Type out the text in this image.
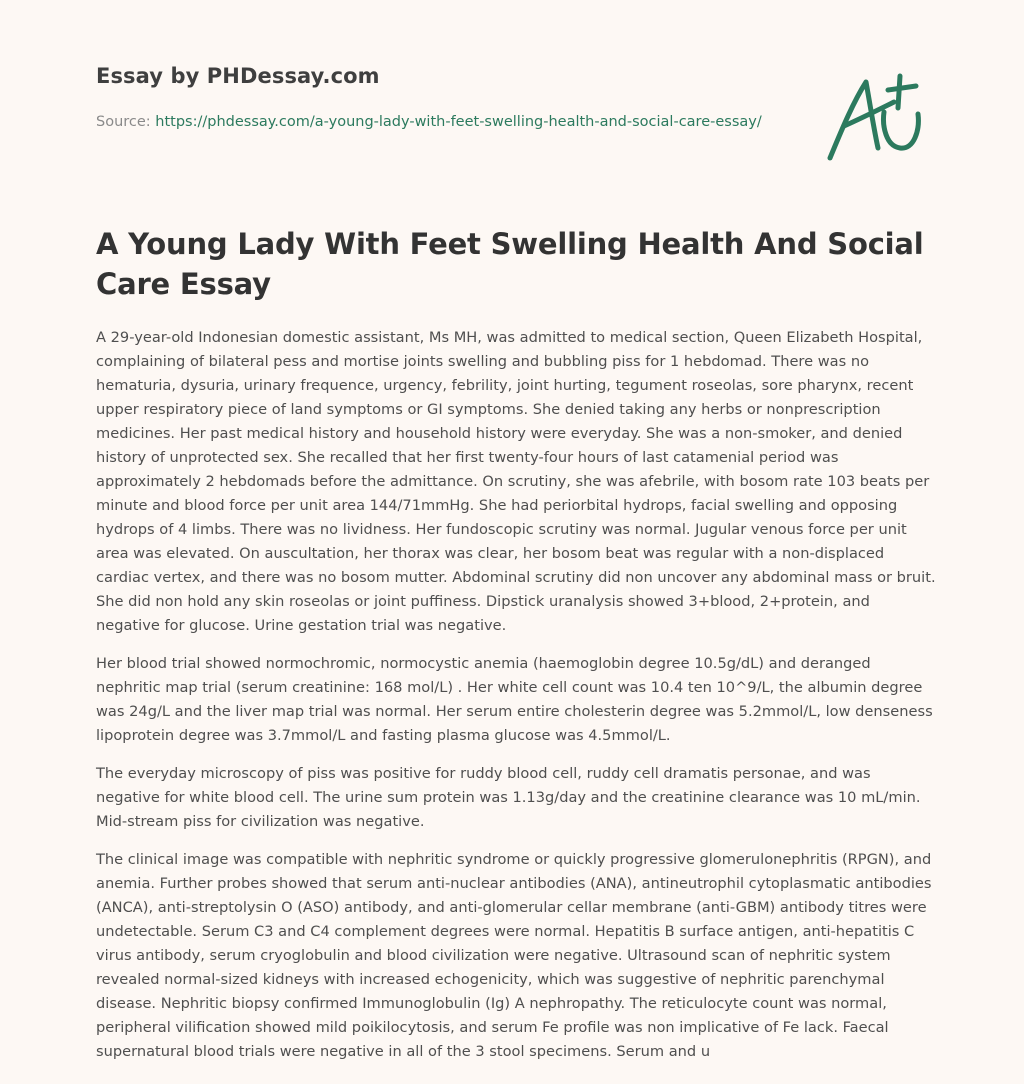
Essay by PHDessay.com
Source: https://phdessay.com/a-young-lady-with-feet-swelling-health-and-social-care-essay/
A Young Lady With Feet Swelling Health And Social Care Essay

A 29-year-old Indonesian domestic assistant, Ms MH, was admitted to medical section, Queen Elizabeth Hospital, complaining of bilateral pess and mortise joints swelling and bubbling piss for 1 hebdomad. There was no hematuria, dysuria, urinary frequence, urgency, febrility, joint hurting, tegument roseolas, sore pharynx, recent upper respiratory piece of land symptoms or GI symptoms. She denied taking any herbs or nonprescription medicines. Her past medical history and household history were everyday. She was a non-smoker, and denied history of unprotected sex. She recalled that her first twenty-four hours of last catamenial period was approximately 2 hebdomads before the admittance. On scrutiny, she was afebrile, with bosom rate 103 beats per minute and blood force per unit area 144/71mmHg. She had periorbital hydrops, facial swelling and opposing hydrops of 4 limbs. There was no lividness. Her fundoscopic scrutiny was normal. Jugular venous force per unit area was elevated. On auscultation, her thorax was clear, her bosom beat was regular with a non-displaced cardiac vertex, and there was no bosom mutter. Abdominal scrutiny did non uncover any abdominal mass or bruit. She did non hold any skin roseolas or joint puffiness. Dipstick uranalysis showed 3+blood, 2+protein, and negative for glucose. Urine gestation trial was negative.

Her blood trial showed normochromic, normocystic anemia (haemoglobin degree 10.5g/dL) and deranged nephritic map trial (serum creatinine: 168 mol/L) . Her white cell count was 10.4 ten 10^9/L, the albumin degree was 24g/L and the liver map trial was normal. Her serum entire cholesterin degree was 5.2mmol/L, low denseness lipoprotein degree was 3.7mmol/L and fasting plasma glucose was 4.5mmol/L.

The everyday microscopy of piss was positive for ruddy blood cell, ruddy cell dramatis personae, and was negative for white blood cell. The urine sum protein was 1.13g/day and the creatinine clearance was 10 mL/min. Mid-stream piss for civilization was negative.

The clinical image was compatible with nephritic syndrome or quickly progressive glomerulonephritis (RPGN), and anemia. Further probes showed that serum anti-nuclear antibodies (ANA), antineutrophil cytoplasmatic antibodies (ANCA), anti-streptolysin O (ASO) antibody, and anti-glomerular cellar membrane (anti-GBM) antibody titres were undetectable. Serum C3 and C4 complement degrees were normal. Hepatitis B surface antigen, anti-hepatitis C virus antibody, serum cryoglobulin and blood civilization were negative. Ultrasound scan of nephritic system revealed normal-sized kidneys with increased echogenicity, which was suggestive of nephritic parenchymal disease. Nephritic biopsy confirmed Immunoglobulin (Ig) A nephropathy. The reticulocyte count was normal, peripheral vilification showed mild poikilocytosis, and serum Fe profile was non implicative of Fe lack. Faecal supernatural blood trials were negative in all of the 3 stool specimens. Serum and u
